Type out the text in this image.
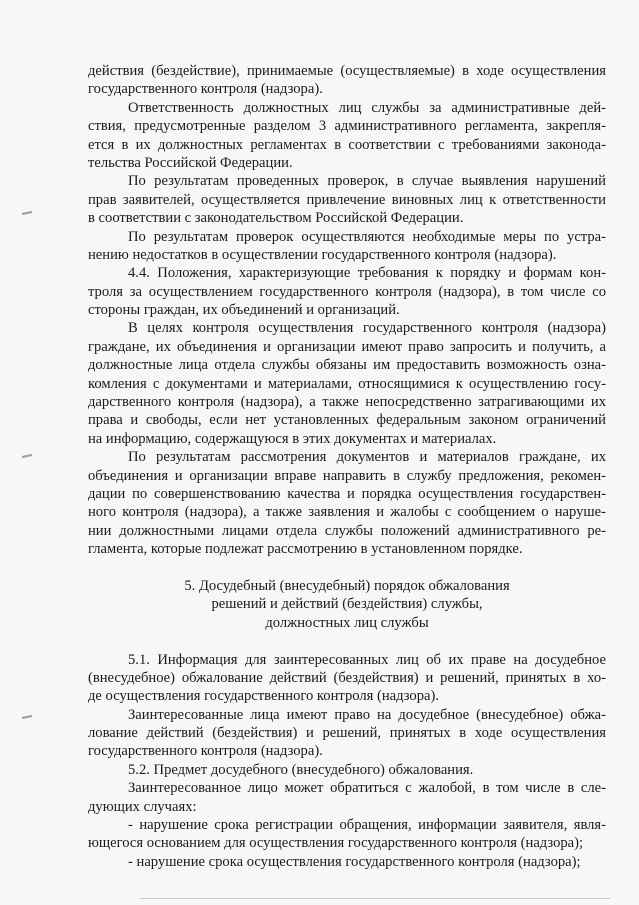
действия (бездействие), принимаемые (осуществляемые) в ходе осуществления
государственного контроля (надзора).
Ответственность должностных лиц службы за административные дей-
ствия, предусмотренные разделом 3 административного регламента, закрепля-
ется в их должностных регламентах в соответствии с требованиями законода-
тельства Российской Федерации.
По результатам проведенных проверок, в случае выявления нарушений
прав заявителей, осуществляется привлечение виновных лиц к ответственности
в соответствии с законодательством Российской Федерации.
По результатам проверок осуществляются необходимые меры по устра-
нению недостатков в осуществлении государственного контроля (надзора).
4.4. Положения, характеризующие требования к порядку и формам кон-
троля за осуществлением государственного контроля (надзора), в том числе со
стороны граждан, их объединений и организаций.
В целях контроля осуществления государственного контроля (надзора)
граждане, их объединения и организации имеют право запросить и получить, а
должностные лица отдела службы обязаны им предоставить возможность озна-
комления с документами и материалами, относящимися к осуществлению госу-
дарственного контроля (надзора), а также непосредственно затрагивающими их
права и свободы, если нет установленных федеральным законом ограничений
на информацию, содержащуюся в этих документах и материалах.
По результатам рассмотрения документов и материалов граждане, их
объединения и организации вправе направить в службу предложения, рекомен-
дации по совершенствованию качества и порядка осуществления государствен-
ного контроля (надзора), а также заявления и жалобы с сообщением о наруше-
нии должностными лицами отдела службы положений административного ре-
гламента, которые подлежат рассмотрению в установленном порядке.
5. Досудебный (внесудебный) порядок обжалования
решений и действий (бездействия) службы,
должностных лиц службы
5.1. Информация для заинтересованных лиц об их праве на досудебное
(внесудебное) обжалование действий (бездействия) и решений, принятых в хо-
де осуществления государственного контроля (надзора).
Заинтересованные лица имеют право на досудебное (внесудебное) обжа-
лование действий (бездействия) и решений, принятых в ходе осуществления
государственного контроля (надзора).
5.2. Предмет досудебного (внесудебного) обжалования.
Заинтересованное лицо может обратиться с жалобой, в том числе в сле-
дующих случаях:
- нарушение срока регистрации обращения, информации заявителя, явля-
ющегося основанием для осуществления государственного контроля (надзора);
- нарушение срока осуществления государственного контроля (надзора);
